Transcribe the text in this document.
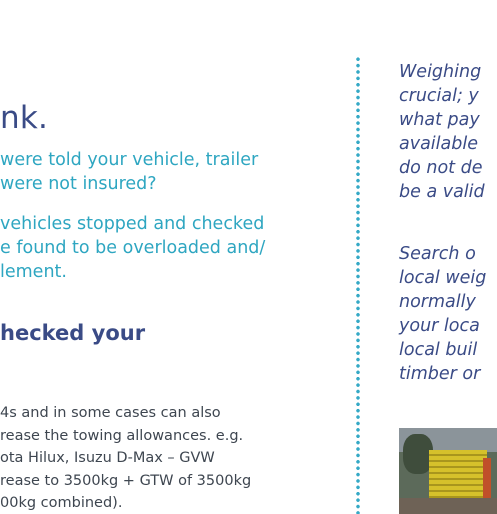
nk.
were told your vehicle, trailer
were not insured?
vehicles stopped and checked
e found to be overloaded and/
lement.
hecked your
4s and in some cases can also
rease the towing allowances. e.g.
ota Hilux, Isuzu D-Max – GVW
rease to 3500kg + GTW of 3500kg
00kg combined).
Weighing
crucial; y
what pay
available
do not de
be a valid
Search o
local weig
normally
your loca
local buil
timber or
